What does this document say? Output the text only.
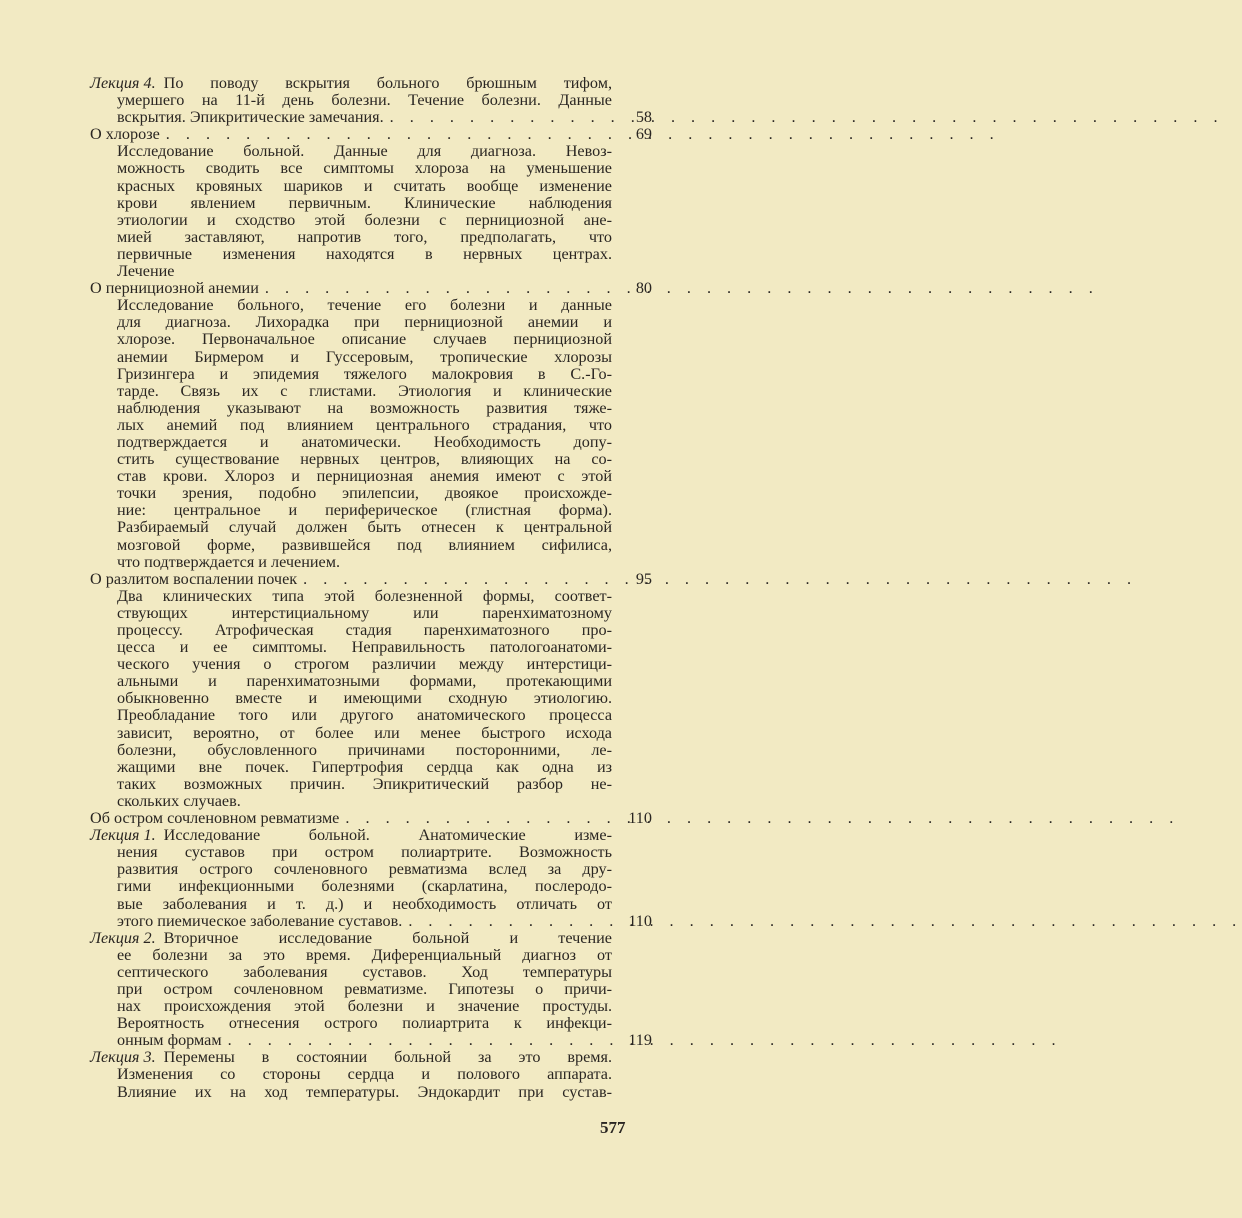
Лекция 4. По поводу вскрытия больного брюшным тифом,
умершего на 11-й день болезни. Течение болезни. Данные
вскрытия. Эпикритические замечания. . . .	58
О хлорозе . . .	69
Исследование больной. Данные для диагноза. Невоз-
можность сводить все симптомы хлороза на уменьшение
красных кровяных шариков и считать вообще изменение
крови явлением первичным. Клинические наблюдения
этиологии и сходство этой болезни с пернициозной ане-
мией заставляют, напротив того, предполагать, что
первичные изменения находятся в нервных центрах.
Лечение
О пернициозной анемии . . .	80
Исследование больного, течение его болезни и данные
для диагноза. Лихорадка при пернициозной анемии и
хлорозе. Первоначальное описание случаев пернициозной
анемии Бирмером и Гуссеровым, тропические хлорозы
Гризингера и эпидемия тяжелого малокровия в С.-Го-
тарде. Связь их с глистами. Этиология и клинические
наблюдения указывают на возможность развития тяже-
лых анемий под влиянием центрального страдания, что
подтверждается и анатомически. Необходимость допу-
стить существование нервных центров, влияющих на со-
став крови. Хлороз и пернициозная анемия имеют с этой
точки зрения, подобно эпилепсии, двоякое происхожде-
ние: центральное и периферическое (глистная форма).
Разбираемый случай должен быть отнесен к центральной
мозговой форме, развившейся под влиянием сифилиса,
что подтверждается и лечением.
О разлитом воспалении почек . . .	95
Два клинических типа этой болезненной формы, соответ-
ствующих интерстициальному или паренхиматозному
процессу. Атрофическая стадия паренхиматозного про-
цесса и ее симптомы. Неправильность патологоанатоми-
ческого учения о строгом различии между интерстици-
альными и паренхиматозными формами, протекающими
обыкновенно вместе и имеющими сходную этиологию.
Преобладание того или другого анатомического процесса
зависит, вероятно, от более или менее быстрого исхода
болезни, обусловленного причинами посторонними, ле-
жащими вне почек. Гипертрофия сердца как одна из
таких возможных причин. Эпикритический разбор не-
скольких случаев.
Об остром сочленовном ревматизме . . .	110
Лекция 1. Исследование больной. Анатомические изме-
нения суставов при остром полиартрите. Возможность
развития острого сочленовного ревматизма вслед за дру-
гими инфекционными болезнями (скарлатина, послеродо-
вые заболевания и т. д.) и необходимость отличать от
этого пиемическое заболевание суставов. . . .	110
Лекция 2. Вторичное исследование больной и течение
ее болезни за это время. Диференциальный диагноз от
септического заболевания суставов. Ход температуры
при остром сочленовном ревматизме. Гипотезы о причи-
нах происхождения этой болезни и значение простуды.
Вероятность отнесения острого полиартрита к инфекци-
онным формам . . .	119
Лекция 3. Перемены в состоянии больной за это время.
Изменения со стороны сердца и полового аппарата.
Влияние их на ход температуры. Эндокардит при сустав-
577
